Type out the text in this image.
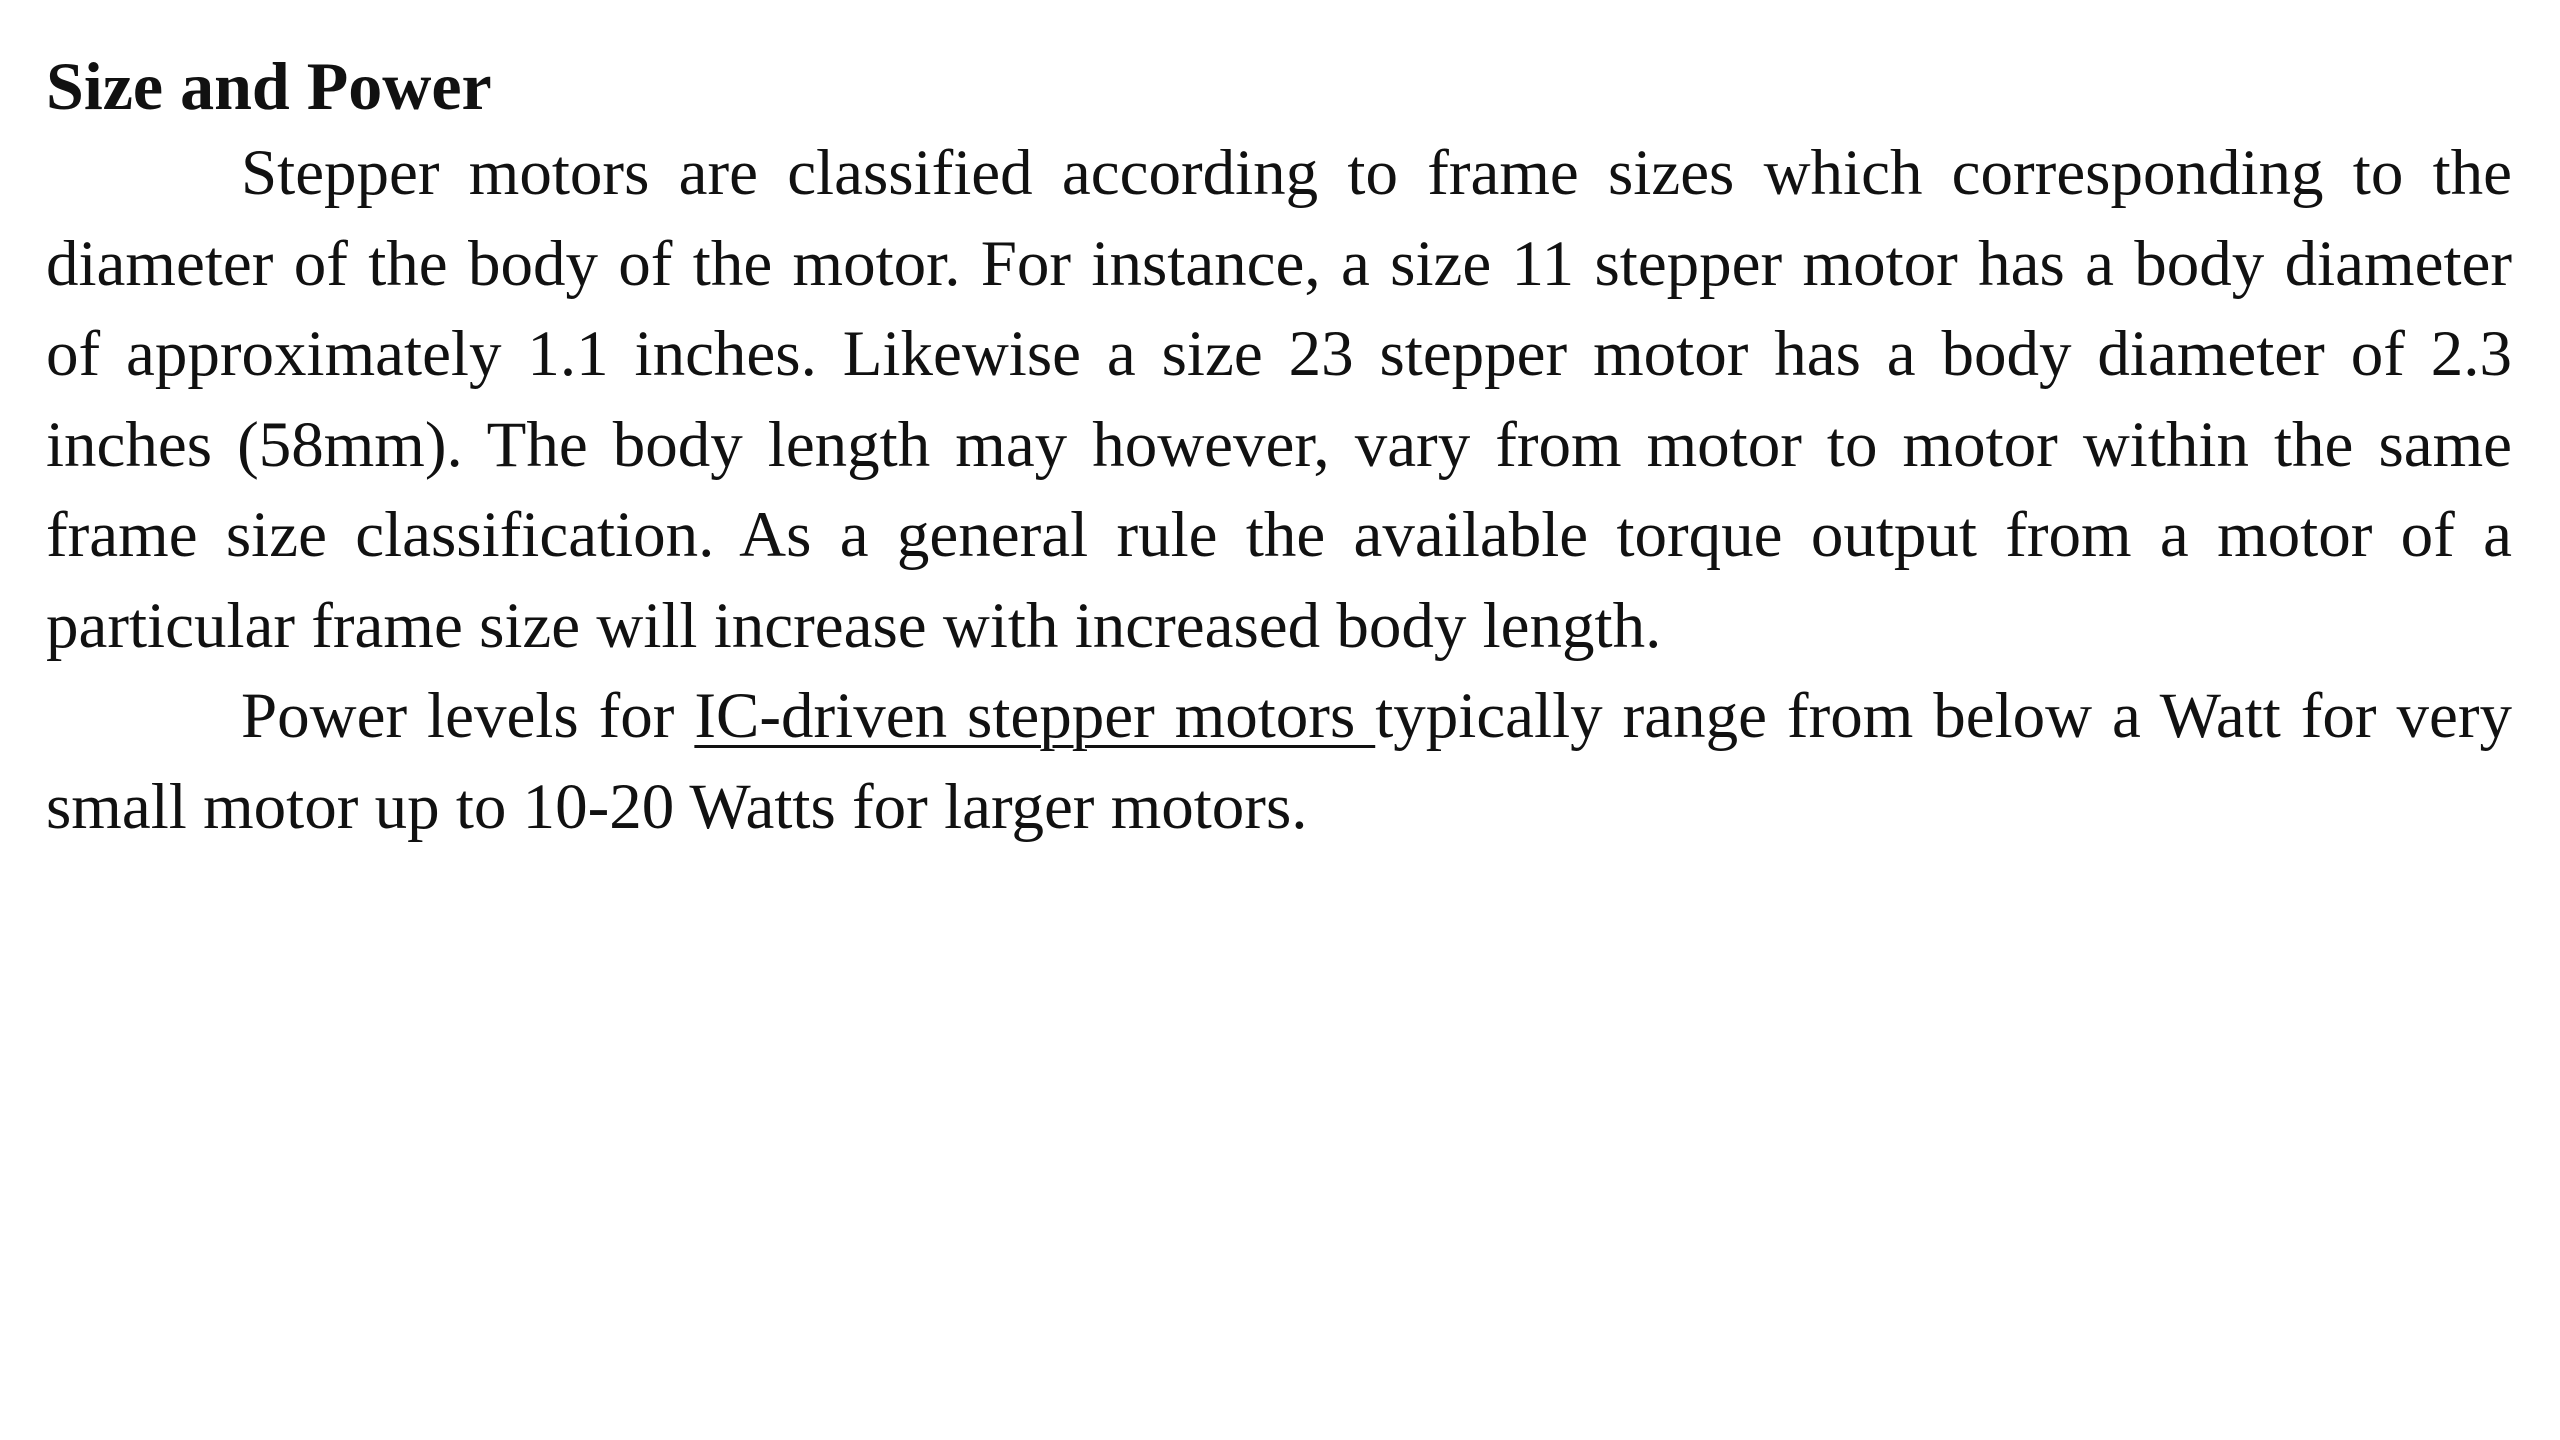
Size and Power

Stepper motors are classified according to frame sizes which corresponding to the diameter of the body of the motor. For instance, a size 11 stepper motor has a body diameter of approximately 1.1 inches. Likewise a size 23 stepper motor has a body diameter of 2.3 inches (58mm). The body length may however, vary from motor to motor within the same frame size classification. As a general rule the available torque output from a motor of a particular frame size will increase with increased body length.

Power levels for IC-driven stepper motors typically range from below a Watt for very small motor up to 10-20 Watts for larger motors.
